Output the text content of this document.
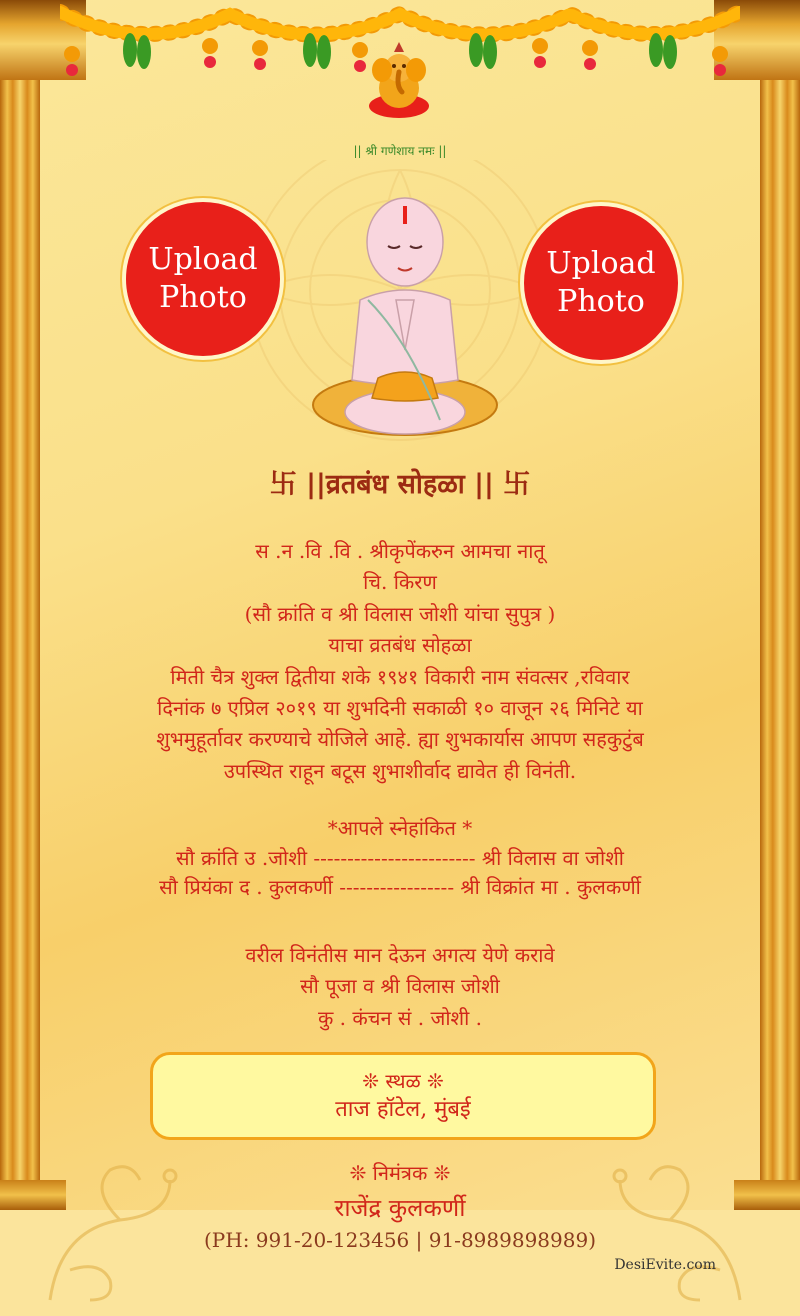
|| श्री गणेशाय नमः ||
Upload Photo
Upload Photo
卐 ||व्रतबंध सोहळा || 卐
स .न .वि .वि . श्रीकृपेंकरुन आमचा नातू
चि. किरण
(सौ क्रांति व श्री विलास जोशी यांचा सुपुत्र )
याचा व्रतबंध सोहळा
मिती चैत्र शुक्ल द्वितीया शके १९४१ विकारी नाम संवत्सर ,रविवार
दिनांक ७ एप्रिल २०१९ या शुभदिनी सकाळी १० वाजून २६ मिनिटे या
शुभमुहूर्तावर करण्याचे योजिले आहे. ह्या शुभकार्यास आपण सहकुटुंब
उपस्थित राहून बटूस शुभाशीर्वाद द्यावेत ही विनंती.
*आपले स्नेहांकित *
सौ क्रांति उ .जोशी ------------------------ श्री विलास वा जोशी
सौ प्रियंका द . कुलकर्णी ----------------- श्री विक्रांत मा . कुलकर्णी
वरील विनंतीस मान देऊन अगत्य येणे करावे
सौ पूजा व श्री विलास जोशी
कु . कंचन सं . जोशी .
❊ स्थळ ❊
ताज हॉटेल, मुंबई
❊ निमंत्रक ❊
राजेंद्र कुलकर्णी
(PH: 991-20-123456 | 91-8989898989)
DesiEvite.com
